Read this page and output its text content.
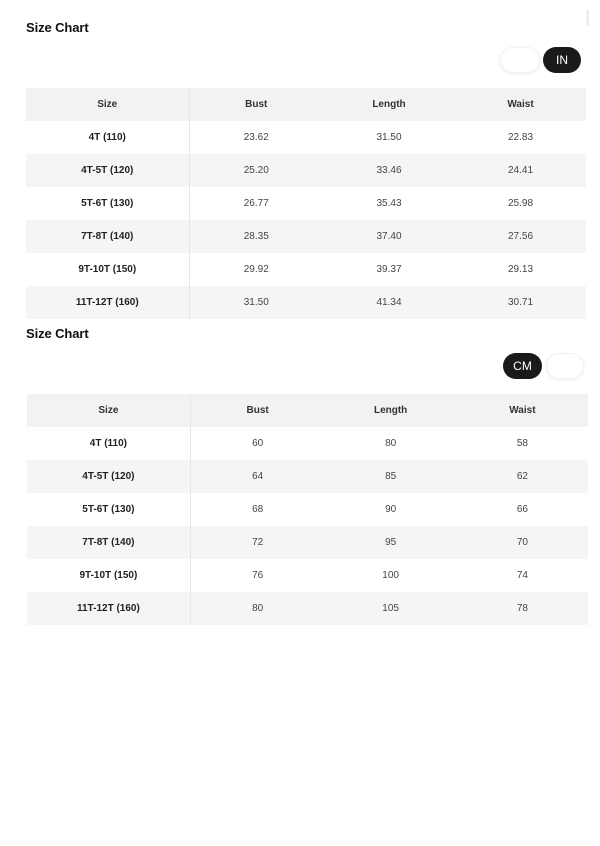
Size Chart
IN
Size	Bust	Length	Waist
4T (110)	23.62	31.50	22.83
4T-5T (120)	25.20	33.46	24.41
5T-6T (130)	26.77	35.43	25.98
7T-8T (140)	28.35	37.40	27.56
9T-10T (150)	29.92	39.37	29.13
11T-12T (160)	31.50	41.34	30.71
Size Chart
CM
Size	Bust	Length	Waist
4T (110)	60	80	58
4T-5T (120)	64	85	62
5T-6T (130)	68	90	66
7T-8T (140)	72	95	70
9T-10T (150)	76	100	74
11T-12T (160)	80	105	78
